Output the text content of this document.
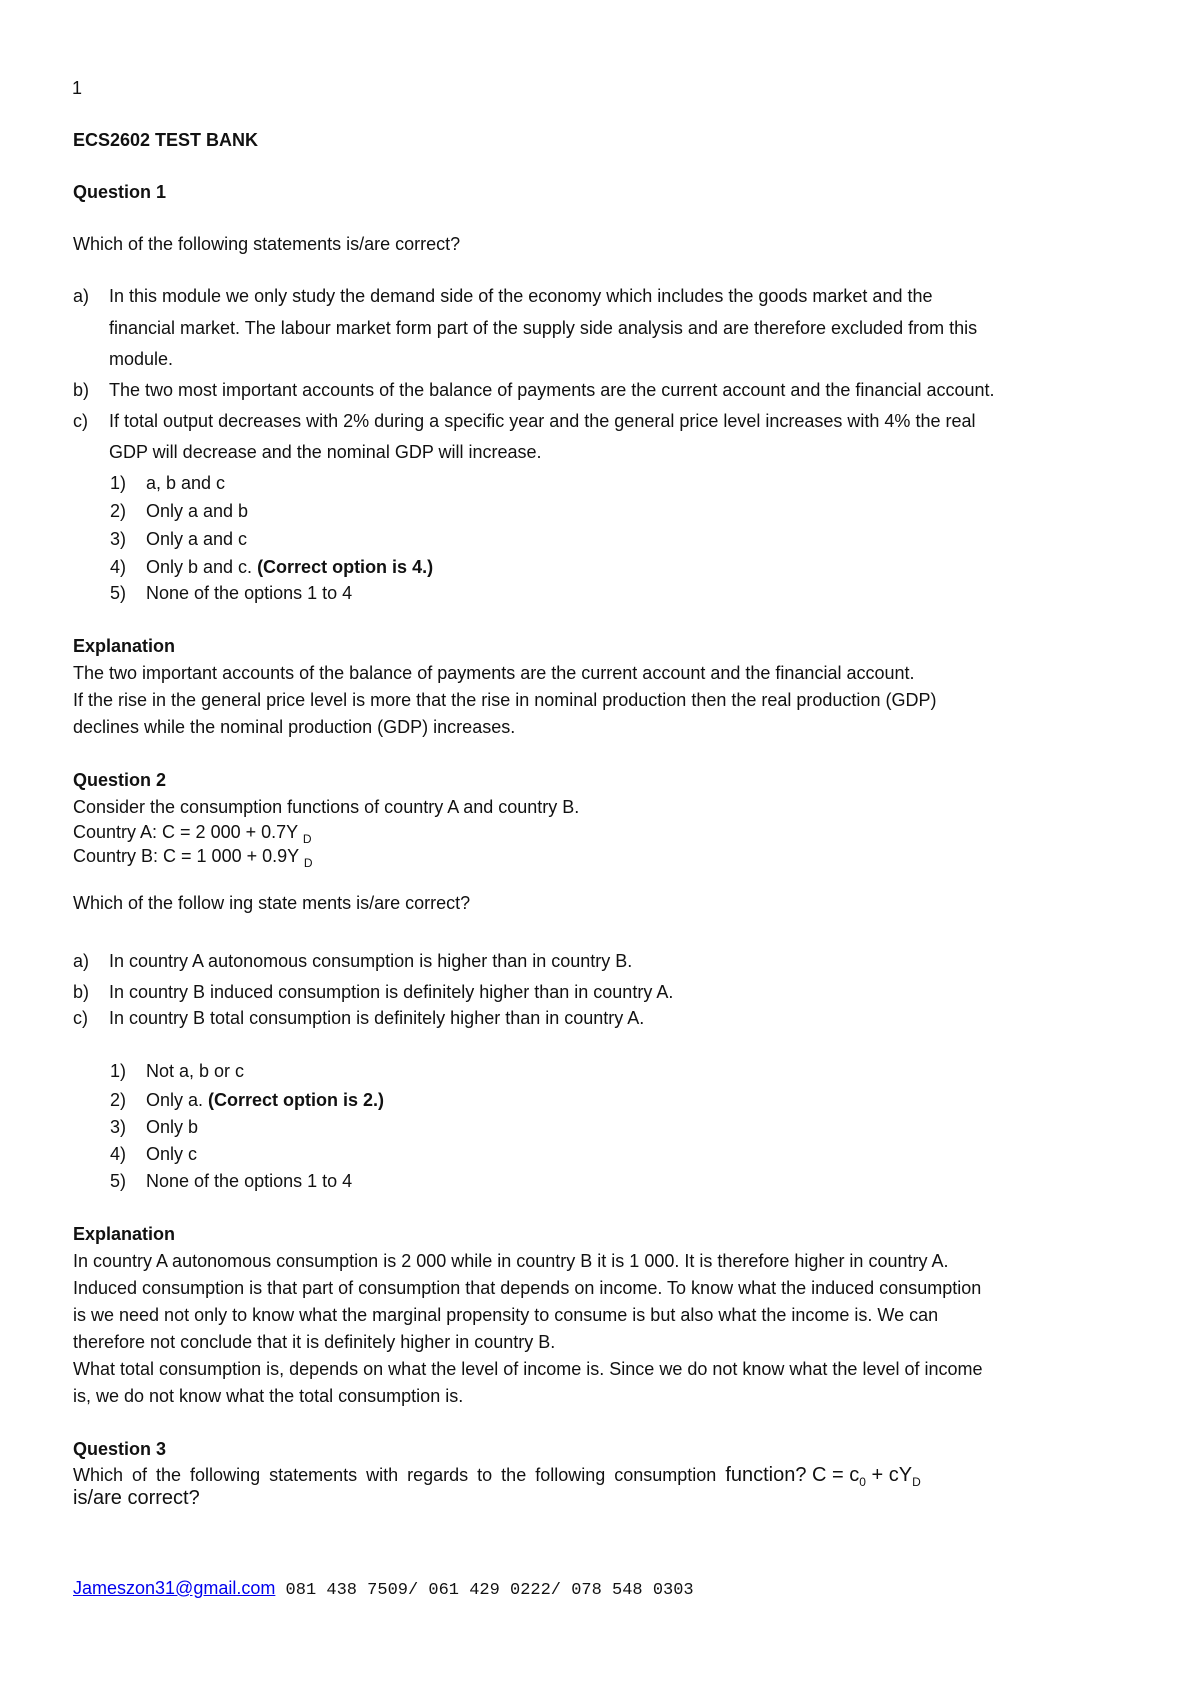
1
ECS2602 TEST BANK
Question 1
Which of the following statements is/are correct?
a) In this module we only study the demand side of the economy which includes the goods market and the
financial market. The labour market form part of the supply side analysis and are therefore excluded from this
module.
b) The two most important accounts of the balance of payments are the current account and the financial account.
c) If total output decreases with 2% during a specific year and the general price level increases with 4% the real
GDP will decrease and the nominal GDP will increase.
1) a, b and c
2) Only a and b
3) Only a and c
4) Only b and c. (Correct option is 4.)
5) None of the options 1 to 4
Explanation
The two important accounts of the balance of payments are the current account and the financial account.
If the rise in the general price level is more that the rise in nominal production then the real production (GDP)
declines while the nominal production (GDP) increases.
Question 2
Consider the consumption functions of country A and country B.
Country A: C = 2 000 + 0.7Y $_D$
Country B: C = 1 000 + 0.9Y $_D$
Which of the follow ing state ments is/are correct?
a) In country A autonomous consumption is higher than in country B.
b) In country B induced consumption is definitely higher than in country A.
c) In country B total consumption is definitely higher than in country A.
1) Not a, b or c
2) Only a. (Correct option is 2.)
3) Only b
4) Only c
5) None of the options 1 to 4
Explanation
In country A autonomous consumption is 2 000 while in country B it is 1 000. It is therefore higher in country A.
Induced consumption is that part of consumption that depends on income. To know what the induced consumption
is we need not only to know what the marginal propensity to consume is but also what the income is. We can
therefore not conclude that it is definitely higher in country B.
What total consumption is, depends on what the level of income is. Since we do not know what the level of income
is, we do not know what the total consumption is.
Question 3
Which of the following statements with regards to the following consumption function? $C = c_0 + cY_D$
is/are correct?
Jameszon31@gmail.com 081 438 7509/ 061 429 0222/ 078 548 0303
